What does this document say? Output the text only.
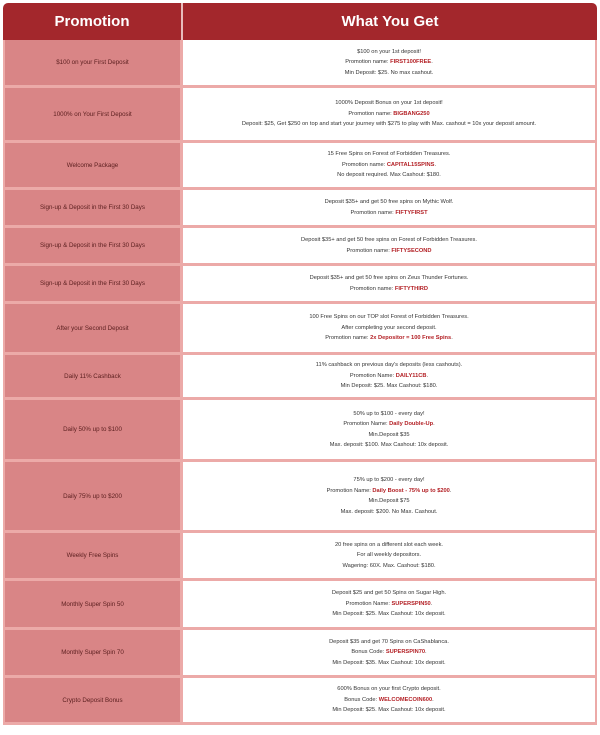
Promotion	What You Get
$100 on your First Deposit
$100 on your 1st deposit!
Promotion name: FIRST100FREE.
Min Deposit: $25. No max cashout.
1000% on Your First Deposit
1000% Deposit Bonus on your 1st deposit!
Promotion name: BIGBANG250
Deposit: $25, Get $250 on top and start your journey with $275 to play with Max. cashout = 10x your deposit amount.
Welcome Package
15 Free Spins on Forest of Forbidden Treasures.
Promotion name: CAPITAL15SPINS.
No deposit required. Max Cashout: $180.
Sign-up & Deposit in the First 30 Days
Deposit $35+ and get 50 free spins on Mythic Wolf.
Promotion name: FIFTYFIRST
Sign-up & Deposit in the First 30 Days
Deposit $35+ and get 50 free spins on Forest of Forbidden Treasures.
Promotion name: FIFTYSECOND
Sign-up & Deposit in the First 30 Days
Deposit $35+ and get 50 free spins on Zeus Thunder Fortunes.
Promotion name: FIFTYTHIRD
After your Second Deposit
100 Free Spins on our TOP slot Forest of Forbidden Treasures.
After completing your second deposit.
Promotion name: 2x Depositor = 100 Free Spins.
Daily 11% Cashback
11% cashback on previous day's deposits (less cashouts).
Promotion Name: DAILY11CB.
Min Deposit: $25. Max Cashout: $180.
Daily 50% up to $100
50% up to $100 - every day!
Promotion Name: Daily Double-Up.
Min.Deposit $35
Max. deposit: $100. Max Cashout: 10x deposit.
Daily 75% up to $200
75% up to $200 - every day!
Promotion Name: Daily Boost - 75% up to $200.
Min.Deposit $75
Max. deposit: $200. No Max. Cashout.
Weekly Free Spins
20 free spins on a different slot each week.
For all weekly depositors.
Wagering: 60X. Max. Cashout: $180.
Monthly Super Spin 50
Deposit $25 and get 50 Spins on Sugar High.
Promotion Name: SUPERSPIN50.
Min Deposit: $25. Max Cashout: 10x deposit.
Monthly Super Spin 70
Deposit $35 and get 70 Spins on CaShablanca.
Bonus Code: SUPERSPIN70.
Min Deposit: $35. Max Cashout: 10x deposit.
Crypto Deposit Bonus
600% Bonus on your first Crypto deposit.
Bonus Code: WELCOMECOIN600.
Min Deposit: $25. Max Cashout: 10x deposit.
